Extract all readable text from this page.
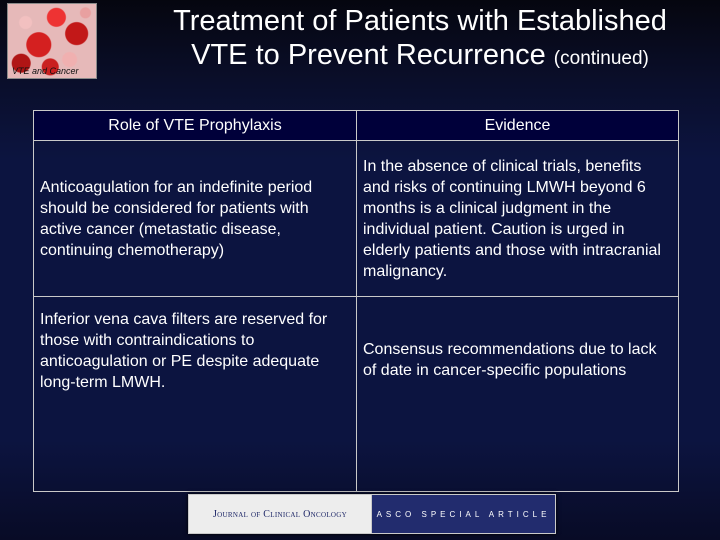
VTE and Cancer
Treatment of Patients with Established
VTE to Prevent Recurrence (continued)
Role of VTE Prophylaxis	Evidence
Anticoagulation for an indefinite period should be considered for patients with active cancer (metastatic disease, continuing chemotherapy)	In the absence of clinical trials, benefits and risks of continuing LMWH beyond 6 months is a clinical judgment in the individual patient. Caution is urged in elderly patients and those with intracranial malignancy.
Inferior vena cava filters are reserved for those with contraindications to anticoagulation or PE despite adequate long-term LMWH.	Consensus recommendations due to lack of date in cancer-specific populations
Journal of Clinical Oncology	ASCO SPECIAL ARTICLE
